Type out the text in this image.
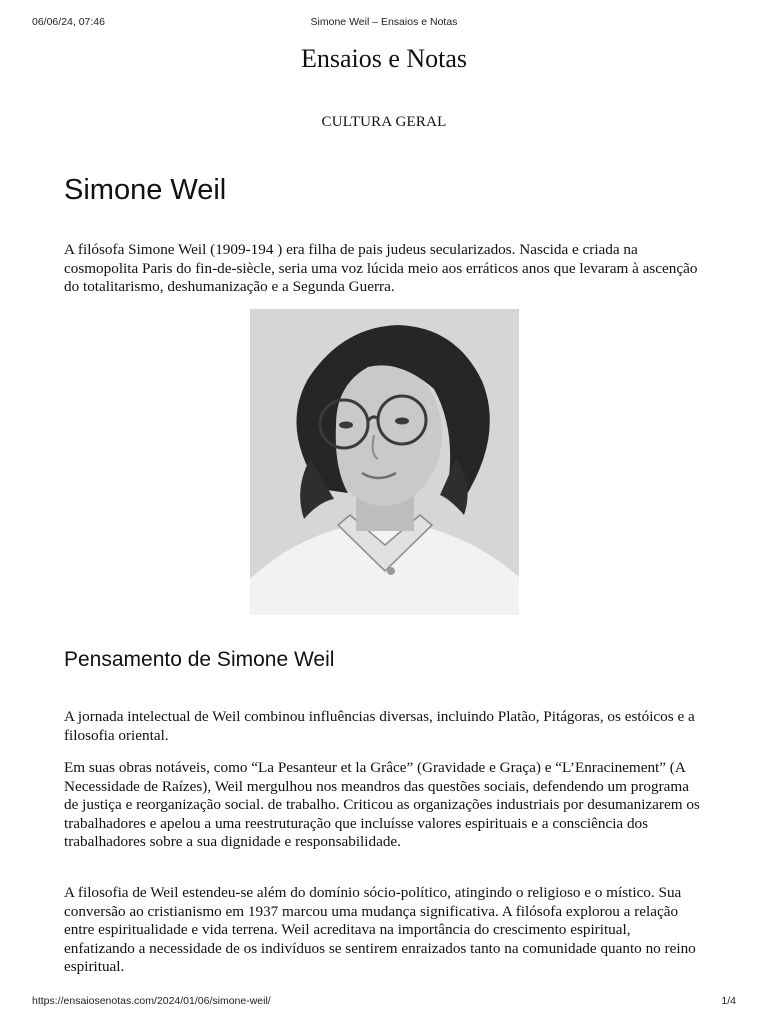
06/06/24, 07:46	Simone Weil – Ensaios e Notas
Ensaios e Notas
CULTURA GERAL
Simone Weil

A filósofa Simone Weil (1909-194 ) era filha de pais judeus secularizados. Nascida e criada na cosmopolita Paris do fin-de-siècle, seria uma voz lúcida meio aos erráticos anos que levaram à ascenção do totalitarismo, deshumanização e a Segunda Guerra.

Pensamento de Simone Weil

A jornada intelectual de Weil combinou influências diversas, incluindo Platão, Pitágoras, os estóicos e a filosofia oriental.

Em suas obras notáveis, como “La Pesanteur et la Grâce” (Gravidade e Graça) e “L’Enracinement” (A Necessidade de Raízes), Weil mergulhou nos meandros das questões sociais, defendendo um programa de justiça e reorganização social. de trabalho. Criticou as organizações industriais por desumanizarem os trabalhadores e apelou a uma reestruturação que incluísse valores espirituais e a consciência dos trabalhadores sobre a sua dignidade e responsabilidade.

A filosofia de Weil estendeu-se além do domínio sócio-político, atingindo o religioso e o místico. Sua conversão ao cristianismo em 1937 marcou uma mudança significativa. A filósofa explorou a relação entre espiritualidade e vida terrena. Weil acreditava na importância do crescimento espiritual, enfatizando a necessidade de os indivíduos se sentirem enraizados tanto na comunidade quanto no reino espiritual.

https://ensaiosenotas.com/2024/01/06/simone-weil/	1/4
